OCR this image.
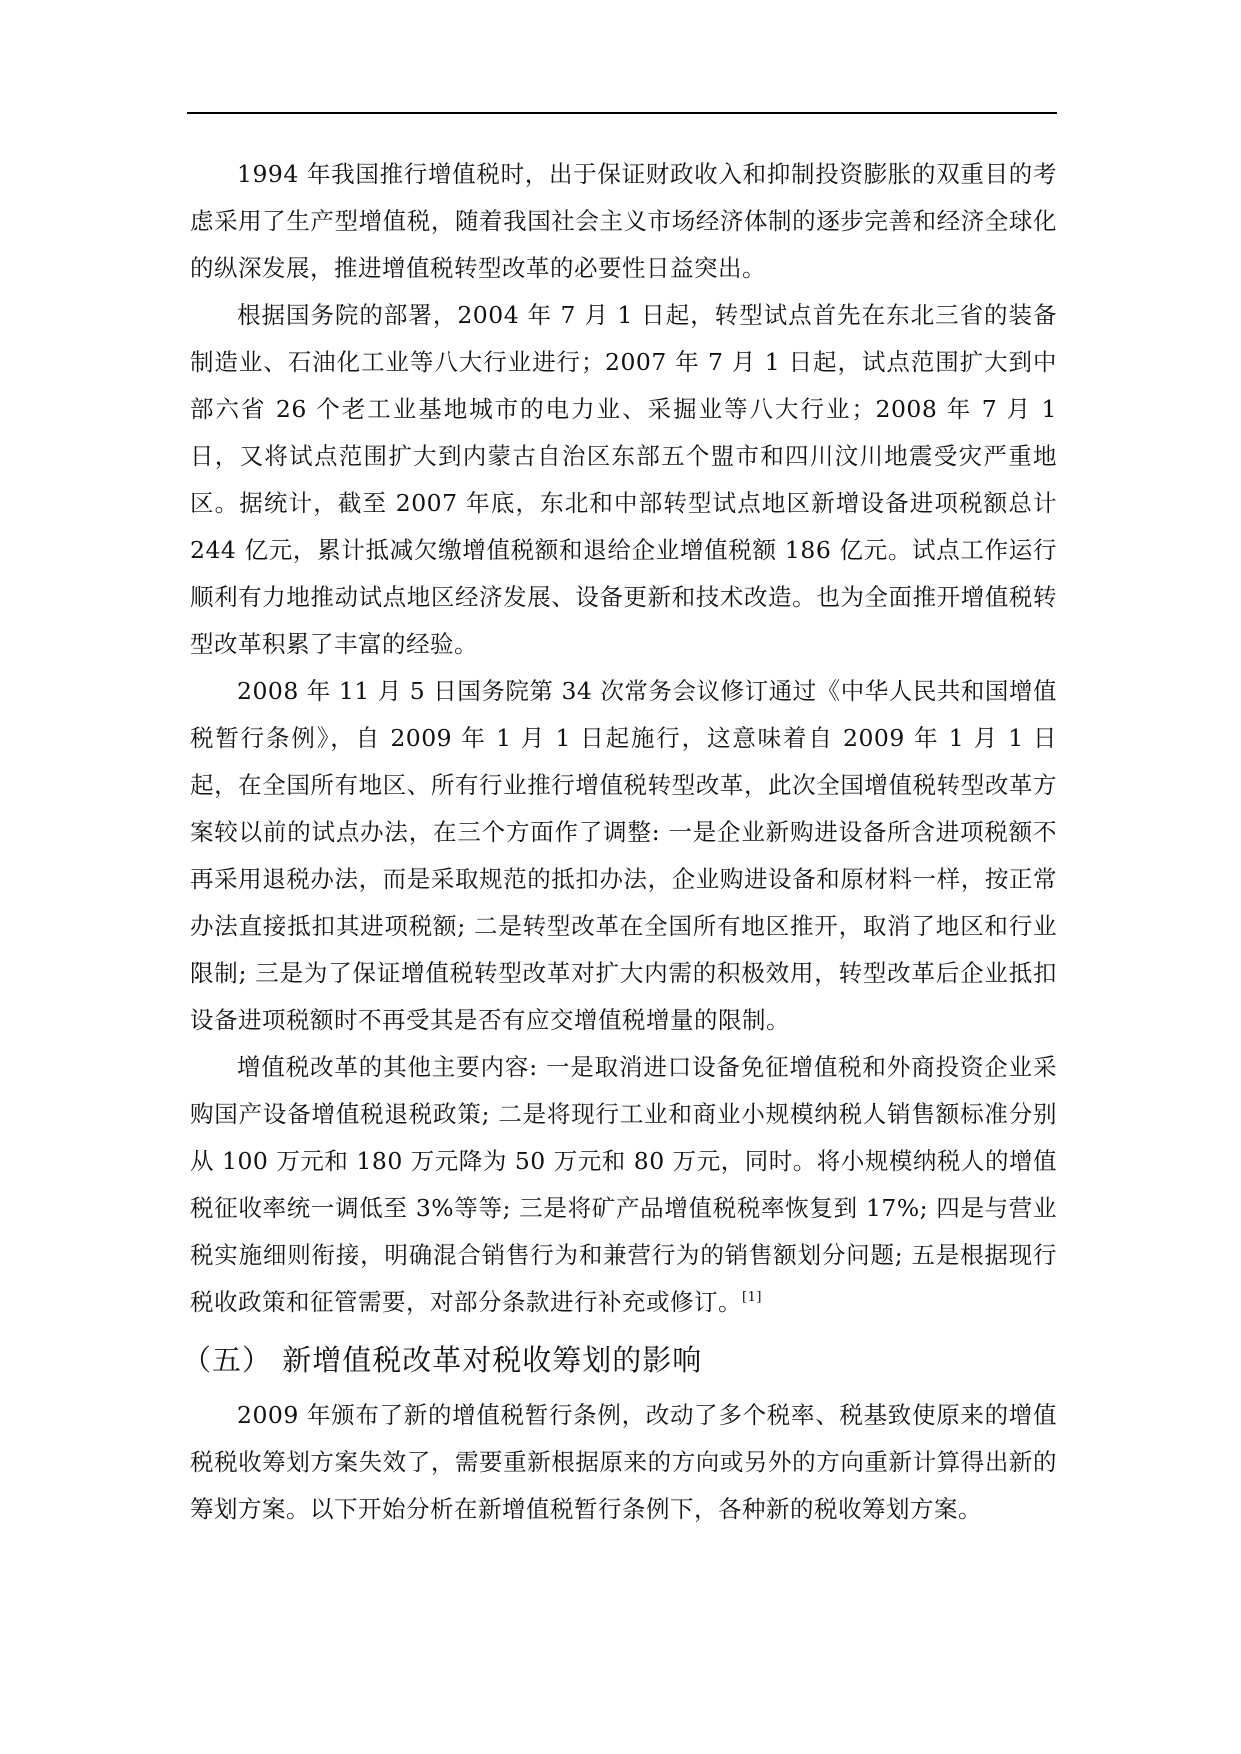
1994 年我国推行增值税时，出于保证财政收入和抑制投资膨胀的双重目的考虑采用了生产型增值税，随着我国社会主义市场经济体制的逐步完善和经济全球化的纵深发展，推进增值税转型改革的必要性日益突出。

根据国务院的部署，2004 年 7 月 1 日起，转型试点首先在东北三省的装备制造业、石油化工业等八大行业进行；2007 年 7 月 1 日起，试点范围扩大到中部六省 26 个老工业基地城市的电力业、采掘业等八大行业；2008 年 7 月 1 日，又将试点范围扩大到内蒙古自治区东部五个盟市和四川汶川地震受灾严重地区。据统计，截至 2007 年底，东北和中部转型试点地区新增设备进项税额总计 244 亿元，累计抵减欠缴增值税额和退给企业增值税额 186 亿元。试点工作运行顺利有力地推动试点地区经济发展、设备更新和技术改造。也为全面推开增值税转型改革积累了丰富的经验。

2008 年 11 月 5 日国务院第 34 次常务会议修订通过《中华人民共和国增值税暂行条例》，自 2009 年 1 月 1 日起施行，这意味着自 2009 年 1 月 1 日起，在全国所有地区、所有行业推行增值税转型改革，此次全国增值税转型改革方案较以前的试点办法，在三个方面作了调整: 一是企业新购进设备所含进项税额不再采用退税办法，而是采取规范的抵扣办法，企业购进设备和原材料一样，按正常办法直接抵扣其进项税额; 二是转型改革在全国所有地区推开，取消了地区和行业限制; 三是为了保证增值税转型改革对扩大内需的积极效用，转型改革后企业抵扣设备进项税额时不再受其是否有应交增值税增量的限制。

增值税改革的其他主要内容: 一是取消进口设备免征增值税和外商投资企业采购国产设备增值税退税政策; 二是将现行工业和商业小规模纳税人销售额标准分别从 100 万元和 180 万元降为 50 万元和 80 万元，同时。将小规模纳税人的增值税征收率统一调低至 3%等等; 三是将矿产品增值税税率恢复到 17%; 四是与营业税实施细则衔接，明确混合销售行为和兼营行为的销售额划分问题; 五是根据现行税收政策和征管需要，对部分条款进行补充或修订。[1]

（五） 新增值税改革对税收筹划的影响

2009 年颁布了新的增值税暂行条例，改动了多个税率、税基致使原来的增值税税收筹划方案失效了，需要重新根据原来的方向或另外的方向重新计算得出新的筹划方案。以下开始分析在新增值税暂行条例下，各种新的税收筹划方案。
